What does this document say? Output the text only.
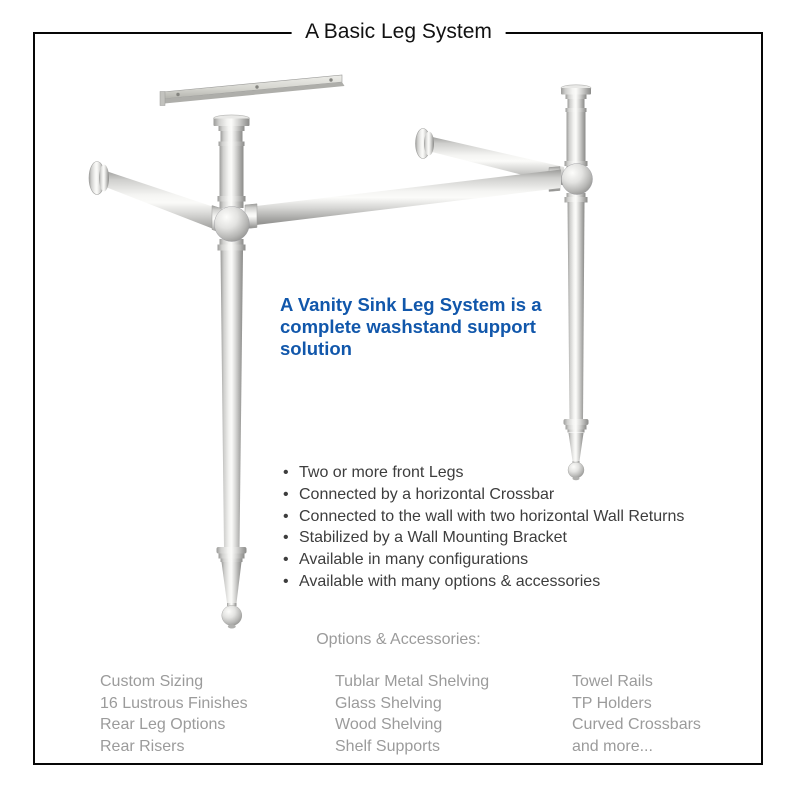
A Basic Leg System
A Vanity Sink Leg System is a
complete washstand support
solution
• Two or more front Legs
• Connected by a horizontal Crossbar
• Connected to the wall with two horizontal Wall Returns
• Stabilized by a Wall Mounting Bracket
• Available in many configurations
• Available with many options & accessories
Options & Accessories:
Custom Sizing
16 Lustrous Finishes
Rear Leg Options
Rear Risers
Tublar Metal Shelving
Glass Shelving
Wood Shelving
Shelf Supports
Towel Rails
TP Holders
Curved Crossbars
and more...
